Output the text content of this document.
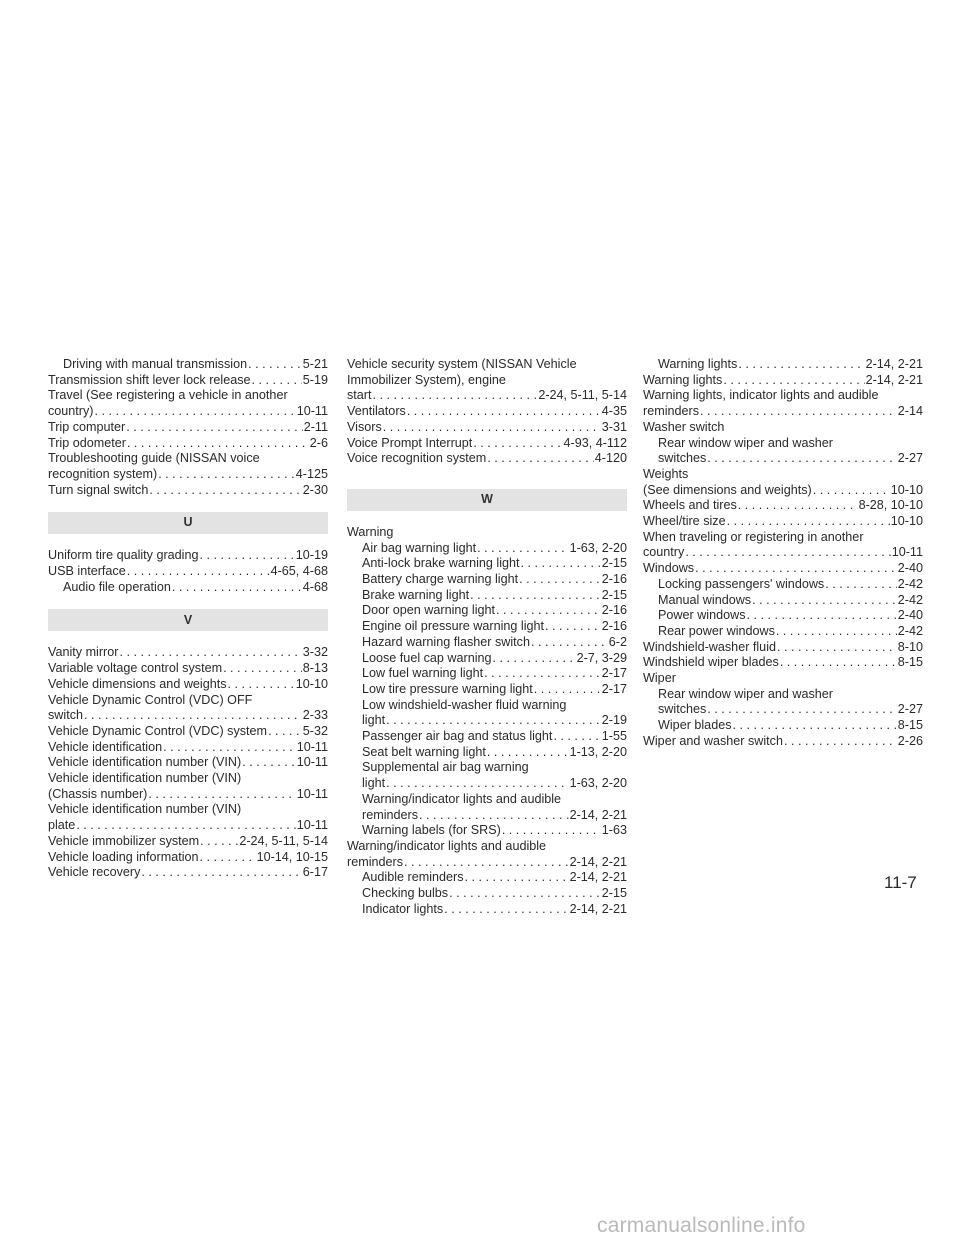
Driving with manual transmission . . .	5-21
Transmission shift lever lock release . . .	5-19
Travel (See registering a vehicle in another
country) . . .	10-11
Trip computer . . .	2-11
Trip odometer . . .	2-6
Troubleshooting guide (NISSAN voice
recognition system) . . .	4-125
Turn signal switch . . .	2-30
U
Uniform tire quality grading . . .	10-19
USB interface . . .	4-65, 4-68
Audio file operation . . .	4-68
V
Vanity mirror . . .	3-32
Variable voltage control system . . .	8-13
Vehicle dimensions and weights . . .	10-10
Vehicle Dynamic Control (VDC) OFF
switch . . .	2-33
Vehicle Dynamic Control (VDC) system . . .	5-32
Vehicle identification . . .	10-11
Vehicle identification number (VIN) . . .	10-11
Vehicle identification number (VIN)
(Chassis number) . . .	10-11
Vehicle identification number (VIN)
plate . . .	10-11
Vehicle immobilizer system . . .	2-24, 5-11, 5-14
Vehicle loading information . . .	10-14, 10-15
Vehicle recovery . . .	6-17
Vehicle security system (NISSAN Vehicle
Immobilizer System), engine
start . . .	2-24, 5-11, 5-14
Ventilators . . .	4-35
Visors . . .	3-31
Voice Prompt Interrupt . . .	4-93, 4-112
Voice recognition system . . .	4-120
W
Warning
Air bag warning light . . .	1-63, 2-20
Anti-lock brake warning light . . .	2-15
Battery charge warning light . . .	2-16
Brake warning light . . .	2-15
Door open warning light . . .	2-16
Engine oil pressure warning light . . .	2-16
Hazard warning flasher switch . . .	6-2
Loose fuel cap warning . . .	2-7, 3-29
Low fuel warning light . . .	2-17
Low tire pressure warning light . . .	2-17
Low windshield-washer fluid warning
light . . .	2-19
Passenger air bag and status light . . .	1-55
Seat belt warning light . . .	1-13, 2-20
Supplemental air bag warning
light . . .	1-63, 2-20
Warning/indicator lights and audible
reminders . . .	2-14, 2-21
Warning labels (for SRS) . . .	1-63
Warning/indicator lights and audible
reminders . . .	2-14, 2-21
Audible reminders . . .	2-14, 2-21
Checking bulbs . . .	2-15
Indicator lights . . .	2-14, 2-21
Warning lights . . .	2-14, 2-21
Warning lights . . .	2-14, 2-21
Warning lights, indicator lights and audible
reminders . . .	2-14
Washer switch
Rear window wiper and washer
switches . . .	2-27
Weights
(See dimensions and weights) . . .	10-10
Wheels and tires . . .	8-28, 10-10
Wheel/tire size . . .	10-10
When traveling or registering in another
country . . .	10-11
Windows . . .	2-40
Locking passengers' windows . . .	2-42
Manual windows . . .	2-42
Power windows . . .	2-40
Rear power windows . . .	2-42
Windshield-washer fluid . . .	8-10
Windshield wiper blades . . .	8-15
Wiper
Rear window wiper and washer
switches . . .	2-27
Wiper blades . . .	8-15
Wiper and washer switch . . .	2-26
11-7
carmanualsonline.info
